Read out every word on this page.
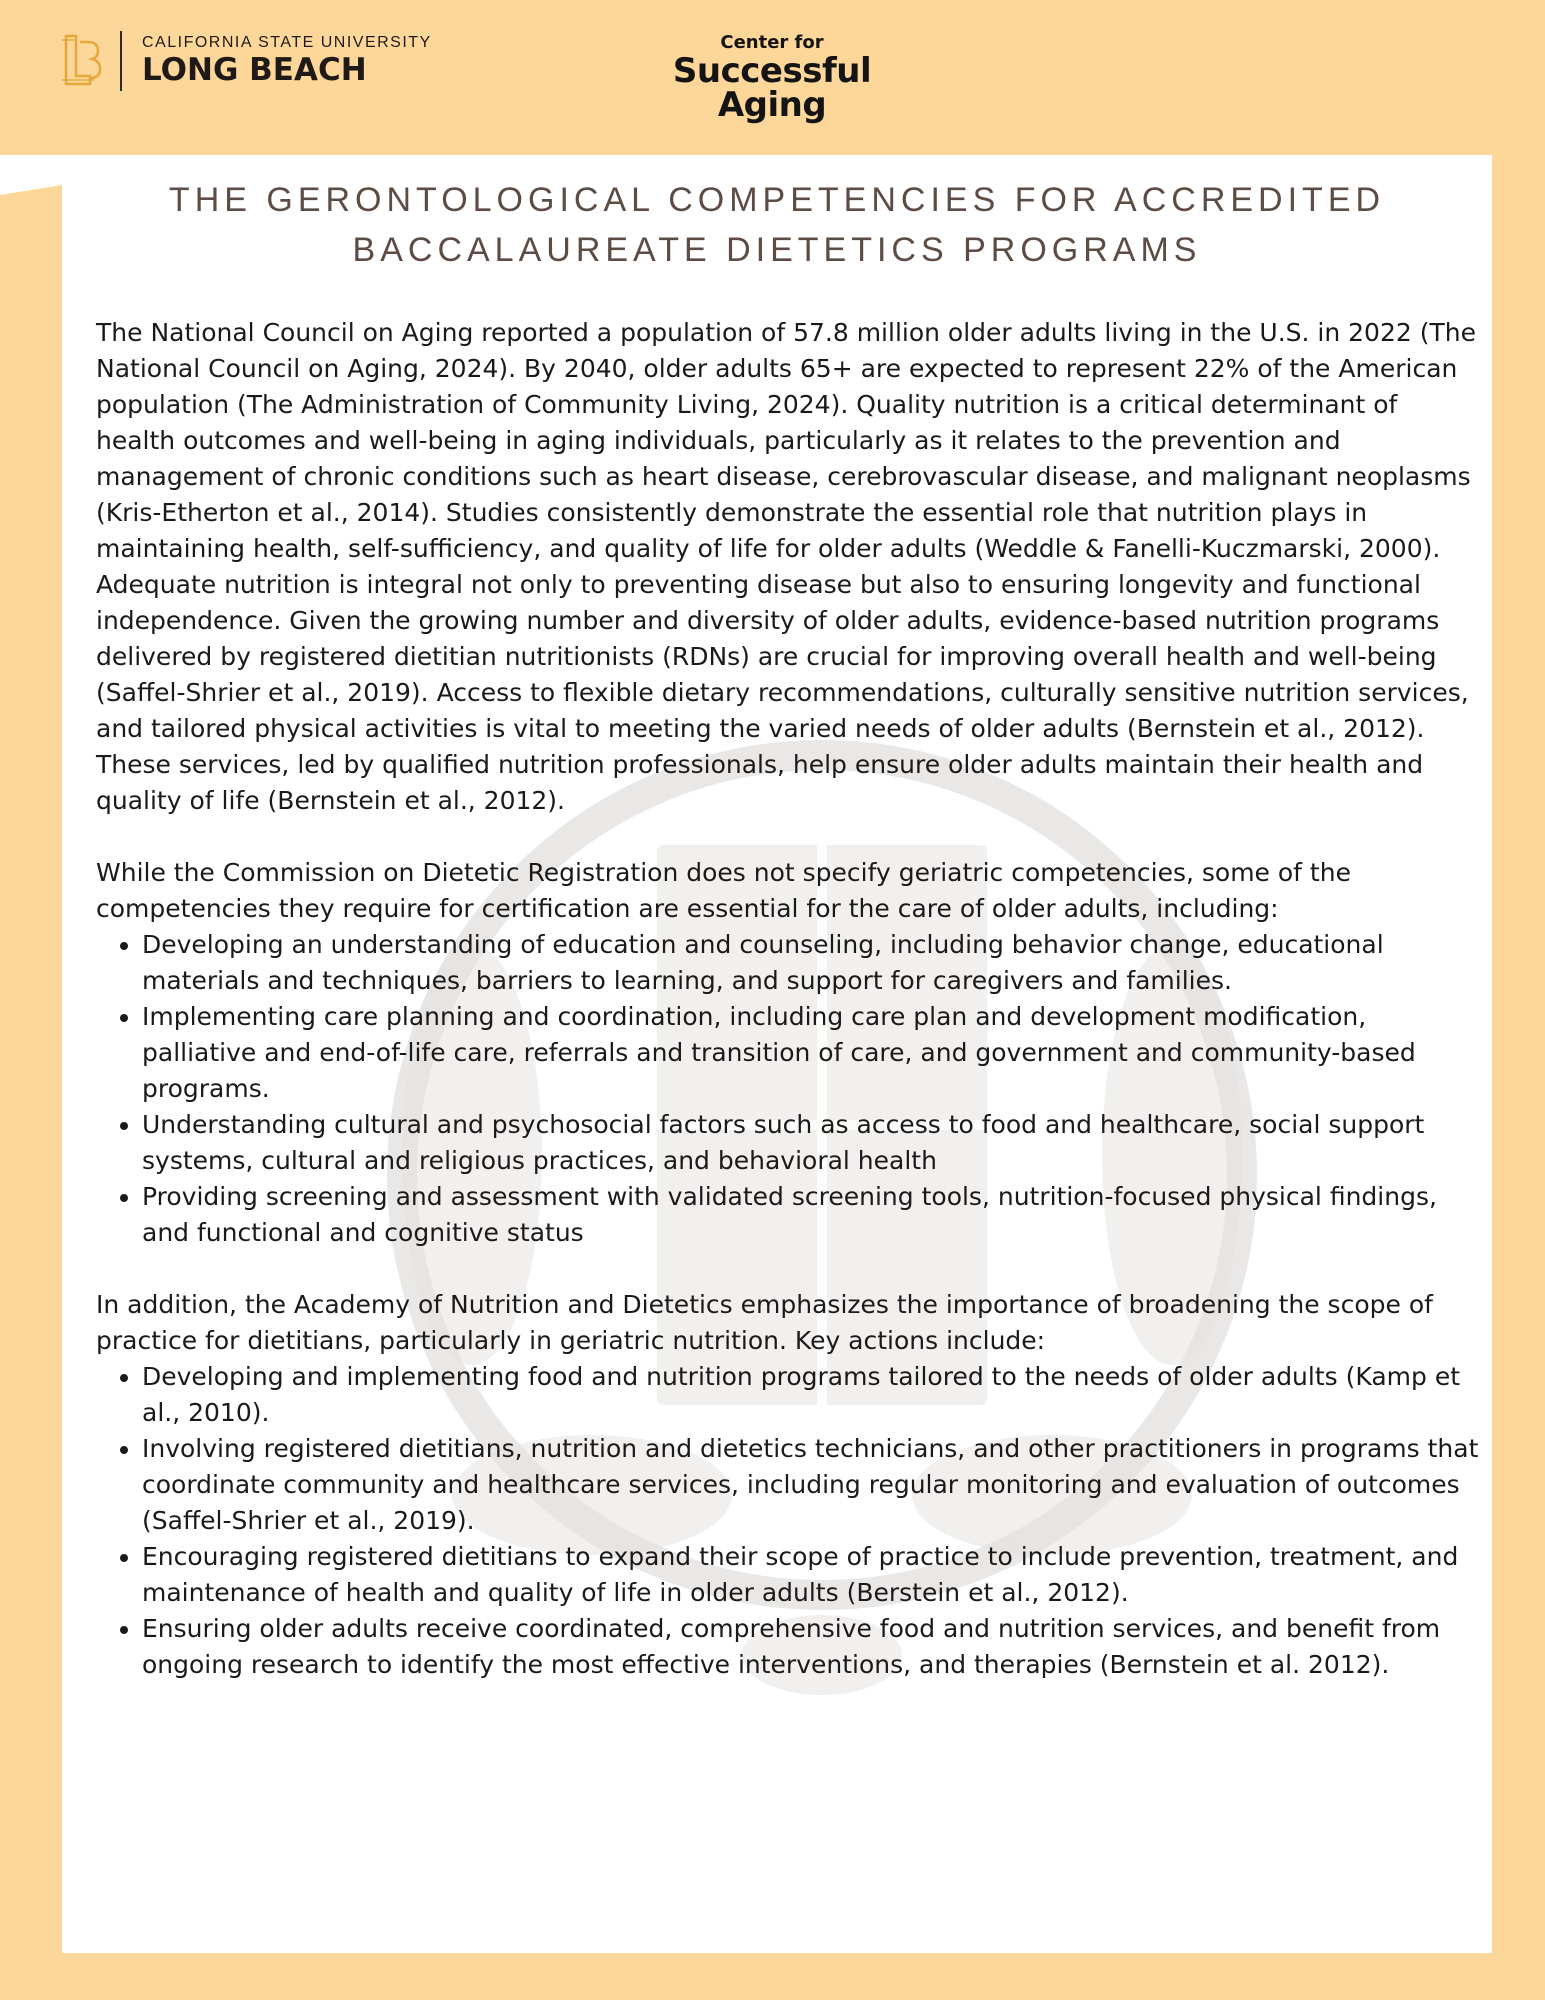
CALIFORNIA STATE UNIVERSITY
LONG BEACH
Center for
Successful
Aging
THE GERONTOLOGICAL COMPETENCIES FOR ACCREDITED
BACCALAUREATE DIETETICS PROGRAMS

The National Council on Aging reported a population of 57.8 million older adults living in the U.S. in 2022 (The National Council on Aging, 2024). By 2040, older adults 65+ are expected to represent 22% of the American population (The Administration of Community Living, 2024). Quality nutrition is a critical determinant of health outcomes and well-being in aging individuals, particularly as it relates to the prevention and management of chronic conditions such as heart disease, cerebrovascular disease, and malignant neoplasms (Kris-Etherton et al., 2014). Studies consistently demonstrate the essential role that nutrition plays in maintaining health, self-sufficiency, and quality of life for older adults (Weddle & Fanelli-Kuczmarski, 2000). Adequate nutrition is integral not only to preventing disease but also to ensuring longevity and functional independence. Given the growing number and diversity of older adults, evidence-based nutrition programs delivered by registered dietitian nutritionists (RDNs) are crucial for improving overall health and well-being (Saffel-Shrier et al., 2019). Access to flexible dietary recommendations, culturally sensitive nutrition services, and tailored physical activities is vital to meeting the varied needs of older adults (Bernstein et al., 2012). These services, led by qualified nutrition professionals, help ensure older adults maintain their health and quality of life (Bernstein et al., 2012).

While the Commission on Dietetic Registration does not specify geriatric competencies, some of the competencies they require for certification are essential for the care of older adults, including:

• Developing an understanding of education and counseling, including behavior change, educational materials and techniques, barriers to learning, and support for caregivers and families.
• Implementing care planning and coordination, including care plan and development modification, palliative and end-of-life care, referrals and transition of care, and government and community-based programs.
• Understanding cultural and psychosocial factors such as access to food and healthcare, social support systems, cultural and religious practices, and behavioral health
• Providing screening and assessment with validated screening tools, nutrition-focused physical findings, and functional and cognitive status

In addition, the Academy of Nutrition and Dietetics emphasizes the importance of broadening the scope of practice for dietitians, particularly in geriatric nutrition. Key actions include:

• Developing and implementing food and nutrition programs tailored to the needs of older adults (Kamp et al., 2010).
• Involving registered dietitians, nutrition and dietetics technicians, and other practitioners in programs that coordinate community and healthcare services, including regular monitoring and evaluation of outcomes (Saffel-Shrier et al., 2019).
• Encouraging registered dietitians to expand their scope of practice to include prevention, treatment, and maintenance of health and quality of life in older adults (Berstein et al., 2012).
• Ensuring older adults receive coordinated, comprehensive food and nutrition services, and benefit from ongoing research to identify the most effective interventions, and therapies (Bernstein et al. 2012).
